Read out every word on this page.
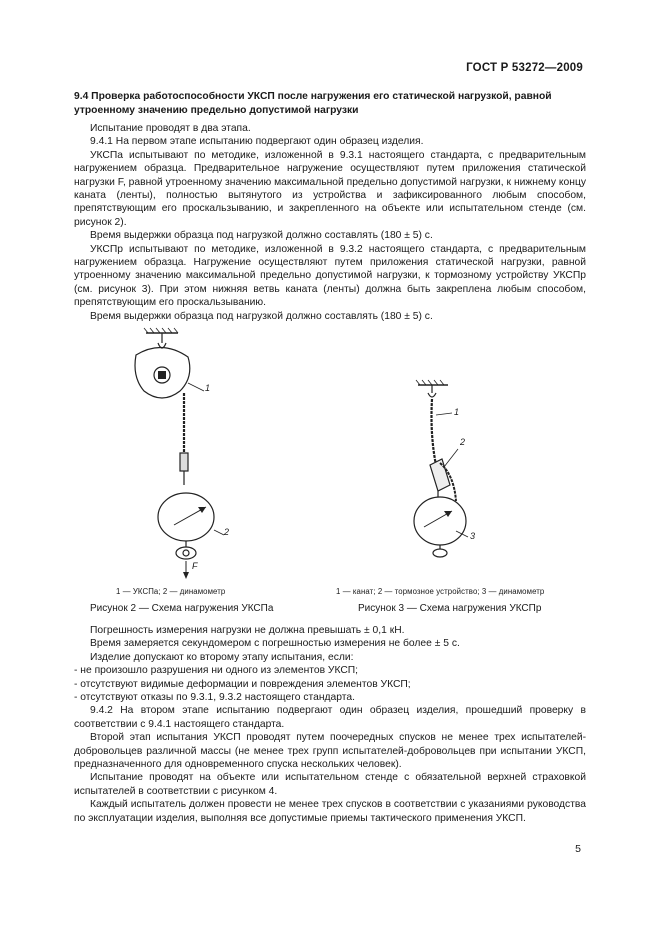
ГОСТ Р 53272—2009

9.4 Проверка работоспособности УКСП после нагружения его статической нагрузкой, равной утроенному значению предельно допустимой нагрузки

Испытание проводят в два этапа.

9.4.1 На первом этапе испытанию подвергают один образец изделия.

УКСПа испытывают по методике, изложенной в 9.3.1 настоящего стандарта, с предварительным нагружением образца. Предварительное нагружение осуществляют путем приложения статической нагрузки F, равной утроенному значению максимальной предельно допустимой нагрузки, к нижнему концу каната (ленты), полностью вытянутого из устройства и зафиксированного любым способом, препятствующим его проскальзыванию, и закрепленного на объекте или испытательном стенде (см. рисунок 2).

Время выдержки образца под нагрузкой должно составлять (180 ± 5) с.

УКСПр испытывают по методике, изложенной в 9.3.2 настоящего стандарта, с предварительным нагружением образца. Нагружение осуществляют путем приложения статической нагрузки, равной утроенному значению максимальной предельно допустимой нагрузки, к тормозному устройству УКСПр (см. рисунок 3). При этом нижняя ветвь каната (ленты) должна быть закреплена любым способом, препятствующим его проскальзыванию.

Время выдержки образца под нагрузкой должно составлять (180 ± 5) с.

1
2
F
1
2
3
1 — УКСПа; 2 — динамометр	1 — канат; 2 — тормозное устройство; 3 — динамометр
Рисунок 2 — Схема нагружения УКСПа	Рисунок 3 — Схема нагружения УКСПр

Погрешность измерения нагрузки не должна превышать ± 0,1 кН.

Время замеряется секундомером с погрешностью измерения не более ± 5 с.

Изделие допускают ко второму этапу испытания, если:

- не произошло разрушения ни одного из элементов УКСП;

- отсутствуют видимые деформации и повреждения элементов УКСП;

- отсутствуют отказы по 9.3.1, 9.3.2 настоящего стандарта.

9.4.2 На втором этапе испытанию подвергают один образец изделия, прошедший проверку в соответствии с 9.4.1 настоящего стандарта.

Второй этап испытания УКСП проводят путем поочередных спусков не менее трех испытателей-добровольцев различной массы (не менее трех групп испытателей-добровольцев при испытании УКСП, предназначенного для одновременного спуска нескольких человек).

Испытание проводят на объекте или испытательном стенде с обязательной верхней страховкой испытателей в соответствии с рисунком 4.

Каждый испытатель должен провести не менее трех спусков в соответствии с указаниями руководства по эксплуатации изделия, выполняя все допустимые приемы тактического применения УКСП.

5
